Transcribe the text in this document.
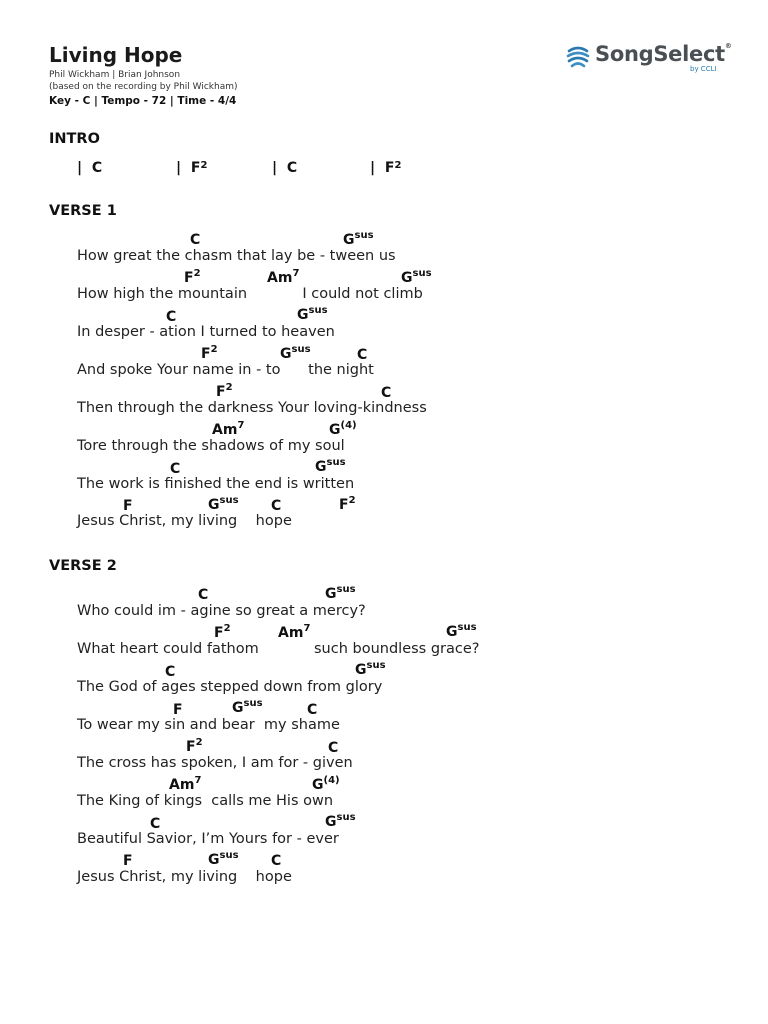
Living Hope
Phil Wickham | Brian Johnson
(based on the recording by Phil Wickham)
Key - C | Tempo - 72 | Time - 4/4
SongSelect®
by CCLI
INTRO
| C	| $F^2$	| C	| $F^2$
VERSE 1
C	$G^{sus}$
How great the chasm that lay be - tween us
$F^2$	Am$^7$	$G^{sus}$
How high the mountain            I could not climb
C	$G^{sus}$
In desper - ation I turned to heaven
$F^2$	$G^{sus}$	C
And spoke Your name in - to      the night
$F^2$	C
Then through the darkness Your loving-kindness
Am$^7$	$G^{(4)}$
Tore through the shadows of my soul
C	$G^{sus}$
The work is finished the end is written
F	$G^{sus}$ C	$F^2$
Jesus Christ, my living    hope
VERSE 2
C	$G^{sus}$
Who could im - agine so great a mercy?
$F^2$	Am$^7$	$G^{sus}$
What heart could fathom            such boundless grace?
C	$G^{sus}$
The God of ages stepped down from glory
F	$G^{sus}$	C
To wear my sin and bear  my shame
$F^2$	C
The cross has spoken, I am for - given
Am$^7$	$G^{(4)}$
The King of kings  calls me His own
C	$G^{sus}$
Beautiful Savior, I’m Yours for - ever
F	$G^{sus}$ C
Jesus Christ, my living    hope
